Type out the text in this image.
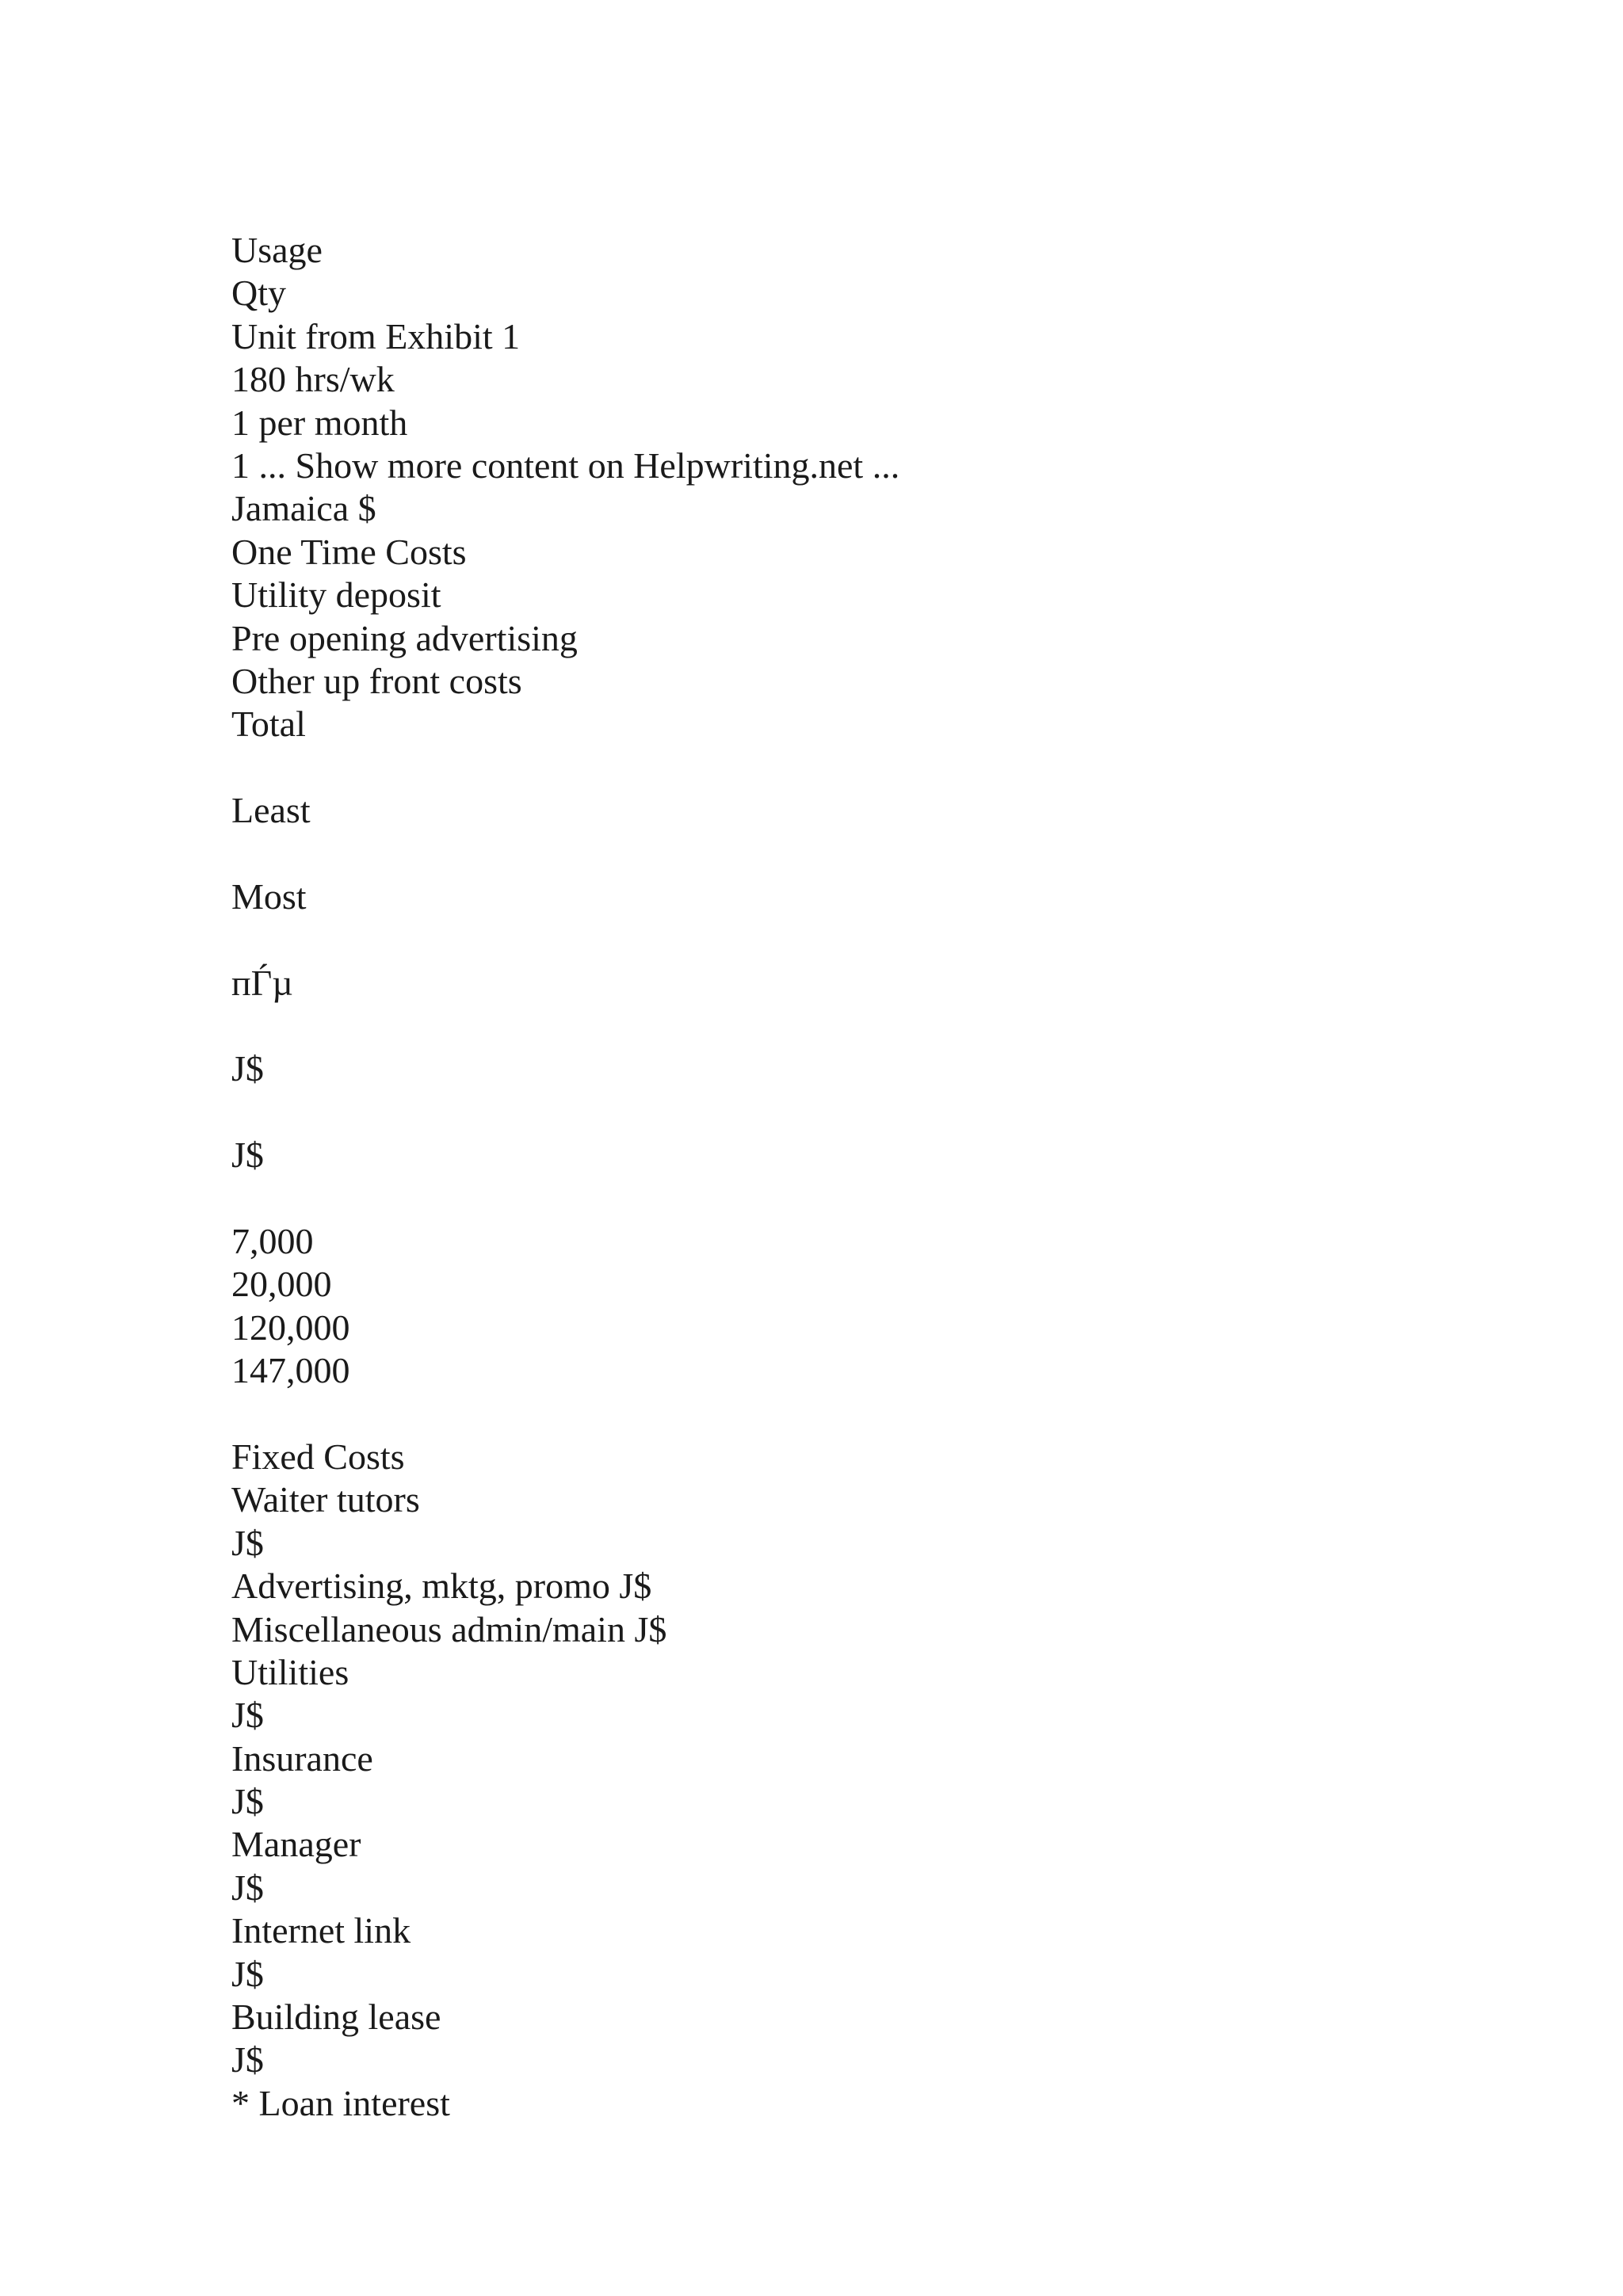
Usage
Qty
Unit from Exhibit 1
180 hrs/wk
1 per month
1 ... Show more content on Helpwriting.net ...
Jamaica $
One Time Costs
Utility deposit
Pre opening advertising
Other up front costs
Total
Least
Most
пЃµ
J$
J$
7,000
20,000
120,000
147,000
Fixed Costs
Waiter tutors
J$
Advertising, mktg, promo J$
Miscellaneous admin/main J$
Utilities
J$
Insurance
J$
Manager
J$
Internet link
J$
Building lease
J$
* Loan interest
